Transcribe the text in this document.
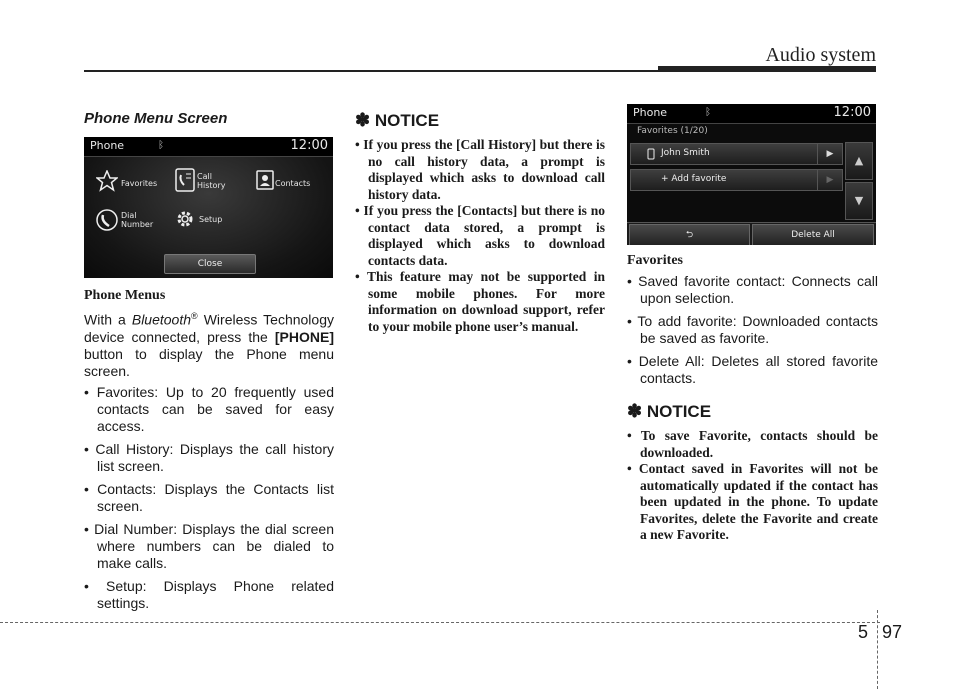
Audio system
Phone Menu Screen
Phone	ᛒ	12:00
Favorites
Call
History	Contacts
Dial
Number
Setup
Close
Phone Menus

With a Bluetooth® Wireless Technology device connected, press the [PHONE] button to display the Phone menu screen.

• Favorites: Up to 20 frequently used contacts can be saved for easy access.
• Call History: Displays the call history list screen.
• Contacts: Displays the Contacts list screen.
• Dial Number: Displays the dial screen where numbers can be dialed to make calls.
• Setup: Displays Phone related settings.
✽ NOTICE
• If you press the [Call History] but there is no call history data, a prompt is displayed which asks to download call history data.
• If you press the [Contacts] but there is no contact data stored, a prompt is displayed which asks to download contacts data.
• This feature may not be supported in some mobile phones. For more information on download support, refer to your mobile phone user’s manual.
Phone	ᛒ	12:00
Favorites (1/20)
John Smith	▶
+ Add favorite	▶
▲
▼
⮌	Delete All
Favorites
• Saved favorite contact: Connects call upon selection.
• To add favorite: Downloaded contacts be saved as favorite.
• Delete All: Deletes all stored favorite contacts.
✽ NOTICE
• To save Favorite, contacts should be downloaded.
• Contact saved in Favorites will not be automatically updated if the contact has been updated in the phone. To update Favorites, delete the Favorite and create a new Favorite.
5 97
